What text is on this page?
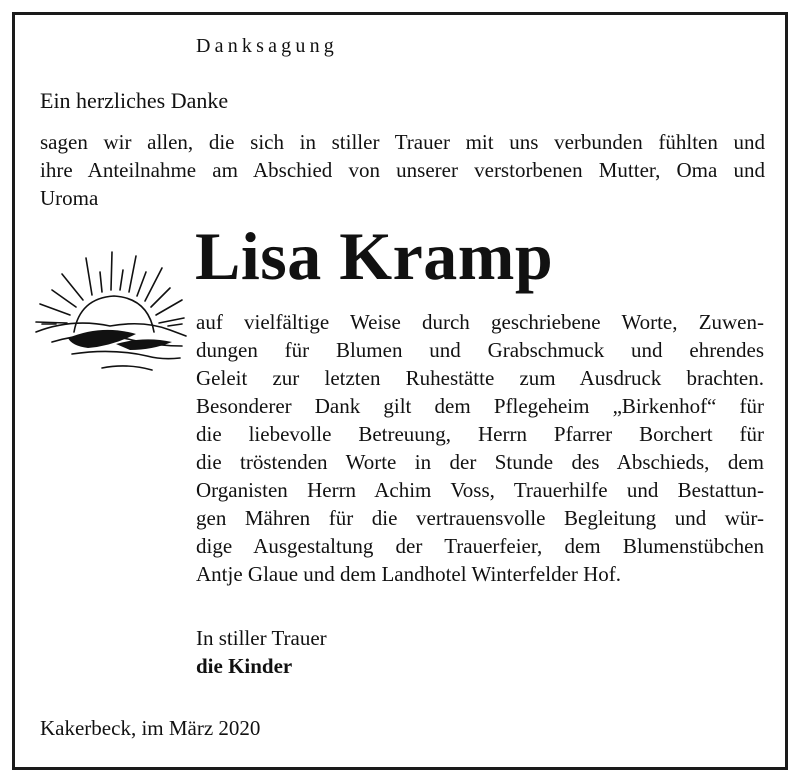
Danksagung

Ein herzliches Danke

sagen wir allen, die sich in stiller Trauer mit uns verbunden fühlten und
ihre Anteilnahme am Abschied von unserer verstorbenen Mutter, Oma und
Uroma

Lisa Kramp

auf vielfältige Weise durch geschriebene Worte, Zuwen-
dungen für Blumen und Grabschmuck und ehrendes
Geleit zur letzten Ruhestätte zum Ausdruck brachten.
Besonderer Dank gilt dem Pflegeheim „Birkenhof“ für
die liebevolle Betreuung, Herrn Pfarrer Borchert für
die tröstenden Worte in der Stunde des Abschieds, dem
Organisten Herrn Achim Voss, Trauerhilfe und Bestattun-
gen Mähren für die vertrauensvolle Begleitung und wür-
dige Ausgestaltung der Trauerfeier, dem Blumenstübchen
Antje Glaue und dem Landhotel Winterfelder Hof.

In stiller Trauer

die Kinder

Kakerbeck, im März 2020
